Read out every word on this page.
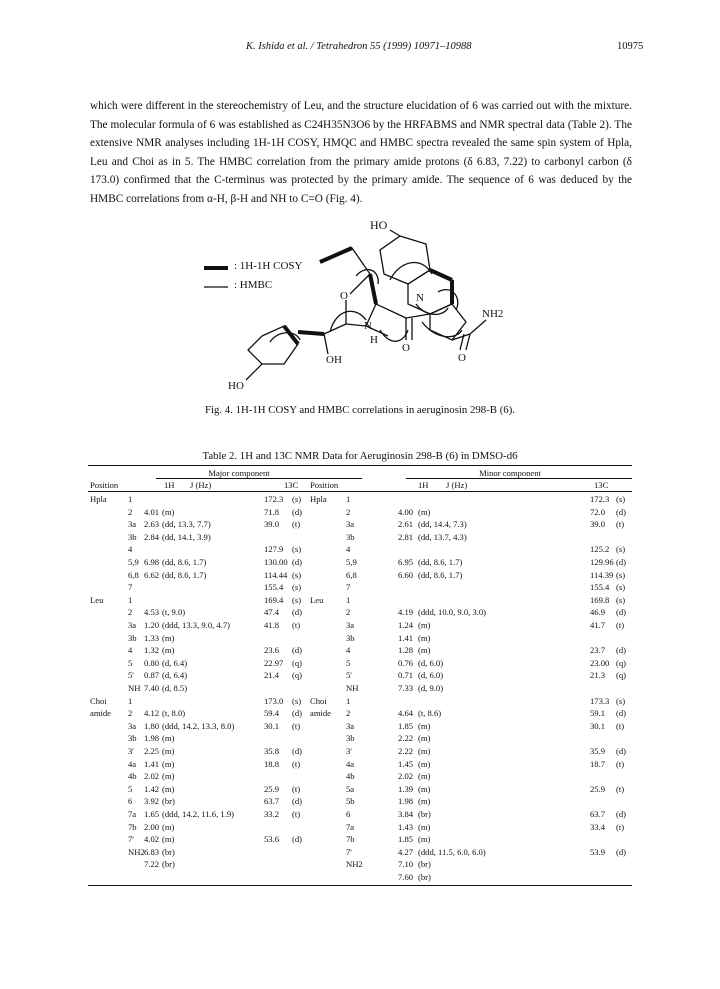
K. Ishida et al. / Tetrahedron 55 (1999) 10971–10988	10975

which were different in the stereochemistry of Leu, and the structure elucidation of 6 was carried out with the mixture. The molecular formula of 6 was established as C24H35N3O6 by the HRFABMS and NMR spectral data (Table 2). The extensive NMR analyses including 1H-1H COSY, HMQC and HMBC spectra revealed the same spin system of Hpla, Leu and Choi as in 5. The HMBC correlation from the primary amide protons (δ 6.83, 7.22) to carbonyl carbon (δ 173.0) confirmed that the C-terminus was protected by the primary amide. The sequence of 6 was deduced by the HMBC correlations from α-H, β-H and NH to C=O (Fig. 4).

: 1H-1H COSY
: HMBC
HO
O	N
NH2
N
H
O
O
OH
HO
Fig. 4. 1H-1H COSY and HMBC correlations in aeruginosin 298-B (6).
Table 2. 1H and 13C NMR Data for Aeruginosin 298-B (6) in DMSO-d6
Major component	Minor component
Position	1H J (Hz)	13C Position	1H J (Hz)	13C
Hpla 1	172.3 (s) Hpla 1	172.3 (s)
2 4.01 (m)	71.8 (d)	2	4.00 (m)	72.0 (d)
3a 2.63 (dd, 13.3, 7.7)	39.0 (t)	3a	2.61 (dd, 14.4, 7.3)	39.0 (t)
3b 2.84 (dd, 14.1, 3.9)	3b	2.81 (dd, 13.7, 4.3)
4	127.9 (s)	4	125.2 (s)
5,9 6.98 (dd, 8.6, 1.7)	130.00 (d)	5,9	6.95 (dd, 8.6, 1.7)	129.96 (d)
6,8 6.62 (dd, 8.6, 1.7)	114.44 (s)	6,8	6.60 (dd, 8.6, 1.7)	114.39 (s)
7	155.4 (s)	7	155.4 (s)
Leu	1	169.4 (s) Leu	1	169.8 (s)
2 4.53 (t, 9.0)	47.4 (d)	2	4.19 (ddd, 10.0, 9.0, 3.0)	46.9 (d)
3a 1.20 (ddd, 13.3, 9.0, 4.7)	41.8 (t)	3a	1.24 (m)	41.7 (t)
3b 1.33 (m)	3b	1.41 (m)
4 1.32 (m)	23.6 (d)	4	1.28 (m)	23.7 (d)
5 0.80 (d, 6.4)	22.97 (q)	5	0.76 (d, 6.0)	23.00 (q)
5' 0.87 (d, 6.4)	21.4 (q)	5'	0.71 (d, 6.0)	21.3 (q)
NH 7.40 (d, 8.5)	NH	7.33 (d, 9.0)
Choi 1	173.0 (s) Choi 1	173.3 (s)
amide 2 4.12 (t, 8.0)	59.4 (d) amide 2	4.64 (t, 8.6)	59.1 (d)
3a 1.80 (ddd, 14.2, 13.3, 8.0)	30.1 (t)	3a	1.85 (m)	30.1 (t)
3b 1.98 (m)	3b	2.22 (m)
3' 2.25 (m)	35.8 (d)	3'	2.22 (m)	35.9 (d)
4a 1.41 (m)	18.8 (t)	4a	1.45 (m)	18.7 (t)
4b 2.02 (m)	4b	2.02 (m)
5 1.42 (m)	25.9 (t)	5a	1.39 (m)	25.9 (t)
6 3.92 (br)	63.7 (d)	5b	1.98 (m)
7a 1.65 (ddd, 14.2, 11.6, 1.9)	33.2 (t)	6	3.84 (br)	63.7 (d)
7b 2.00 (m)	7a	1.43 (m)	33.4 (t)
7' 4.02 (m)	53.6 (d)	7b	1.85 (m)
NH2 6.83 (br)	7'	4.27 (ddd, 11.5, 6.0, 6.0)	53.9 (d)
7.22 (br)	NH2	7.10 (br)
7.60 (br)
